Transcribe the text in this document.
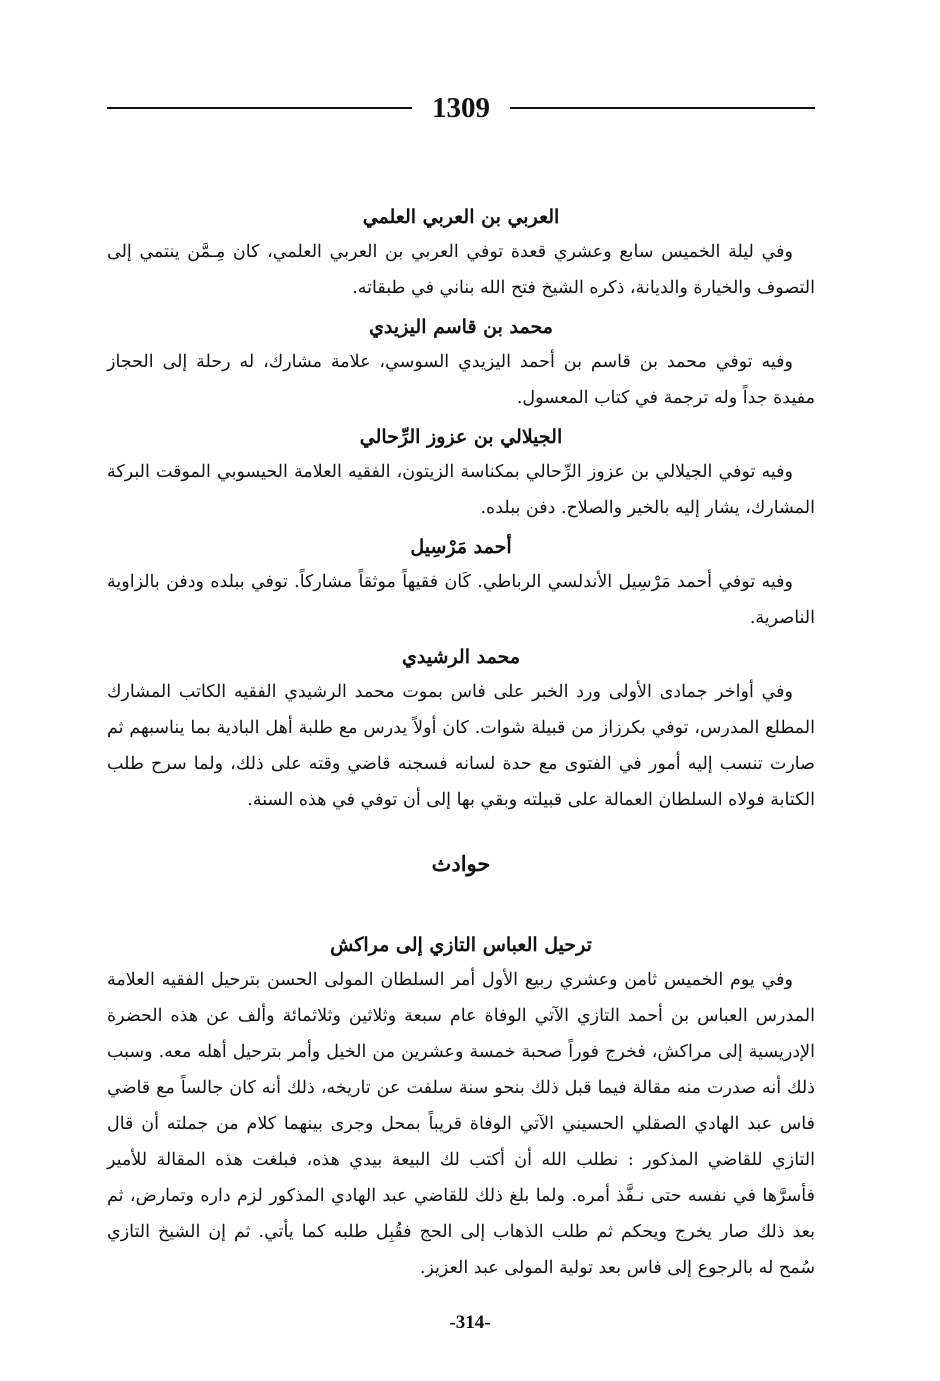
1309
العربي بن العربي العلمي

وفي ليلة الخميس سابع وعشري قعدة توفي العربي بن العربي العلمي، كان مِـمَّن ينتمي إلى التصوف والخيارة والديانة، ذكره الشيخ فتح الله بناني في طبقاته.

محمد بن قاسم اليزيدي

وفيه توفي محمد بن قاسم بن أحمد اليزيدي السوسي، علامة مشارك، له رحلة إلى الحجاز مفيدة جداً وله ترجمة في كتاب المعسول.

الجيلالي بن عزوز الرِّحالي

وفيه توفي الجيلالي بن عزوز الرِّحالي بمكناسة الزيتون، الفقيه العلامة الحيسوبي الموقت البركة المشارك، يشار إليه بالخير والصلاح. دفن ببلده.

أحمد مَرْسِيل

وفيه توفي أحمد مَرْسِيل الأندلسي الرباطي. كَان فقيهاً موثقاً مشاركاً. توفي ببلده ودفن بالزاوية الناصرية.

محمد الرشيدي

وفي أواخر جمادى الأولى ورد الخبر على فاس بموت محمد الرشيدي الفقيه الكاتب المشارك المطلع المدرس، توفي بكرزاز من قبيلة شوات. كان أولاً يدرس مع طلبة أهل البادية بما يناسبهم ثم صارت تنسب إليه أمور في الفتوى مع حدة لسانه فسجنه قاضي وقته على ذلك، ولما سرح طلب الكتابة فولاه السلطان العمالة على قبيلته وبقي بها إلى أن توفي في هذه السنة.

حوادث
ترحيل العباس التازي إلى مراكش

وفي يوم الخميس ثامن وعشري ربيع الأول أمر السلطان المولى الحسن بترحيل الفقيه العلامة المدرس العباس بن أحمد التازي الآتي الوفاة عام سبعة وثلاثين وثلاثمائة وألف عن هذه الحضرة الإدريسية إلى مراكش، فخرج فوراً صحبة خمسة وعشرين من الخيل وأمر بترحيل أهله معه. وسبب ذلك أنه صدرت منه مقالة فيما قبل ذلك بنحو سنة سلفت عن تاريخه، ذلك أنه كان جالساً مع قاضي فاس عبد الهادي الصقلي الحسيني الآتي الوفاة قريباً بمحل وجرى بينهما كلام من جملته أن قال التازي للقاضي المذكور : نطلب الله أن أكتب لك البيعة بيدي هذه، فبلغت هذه المقالة للأمير فأسرَّها في نفسه حتى نـفَّذ أمره. ولما بلغ ذلك للقاضي عبد الهادي المذكور لزم داره وتمارض، ثم بعد ذلك صار يخرج ويحكم ثم طلب الذهاب إلى الحج فقُبِل طلبه كما يأتي. ثم إن الشيخ التازي سُمح له بالرجوع إلى فاس بعد تولية المولى عبد العزيز.

-314-
